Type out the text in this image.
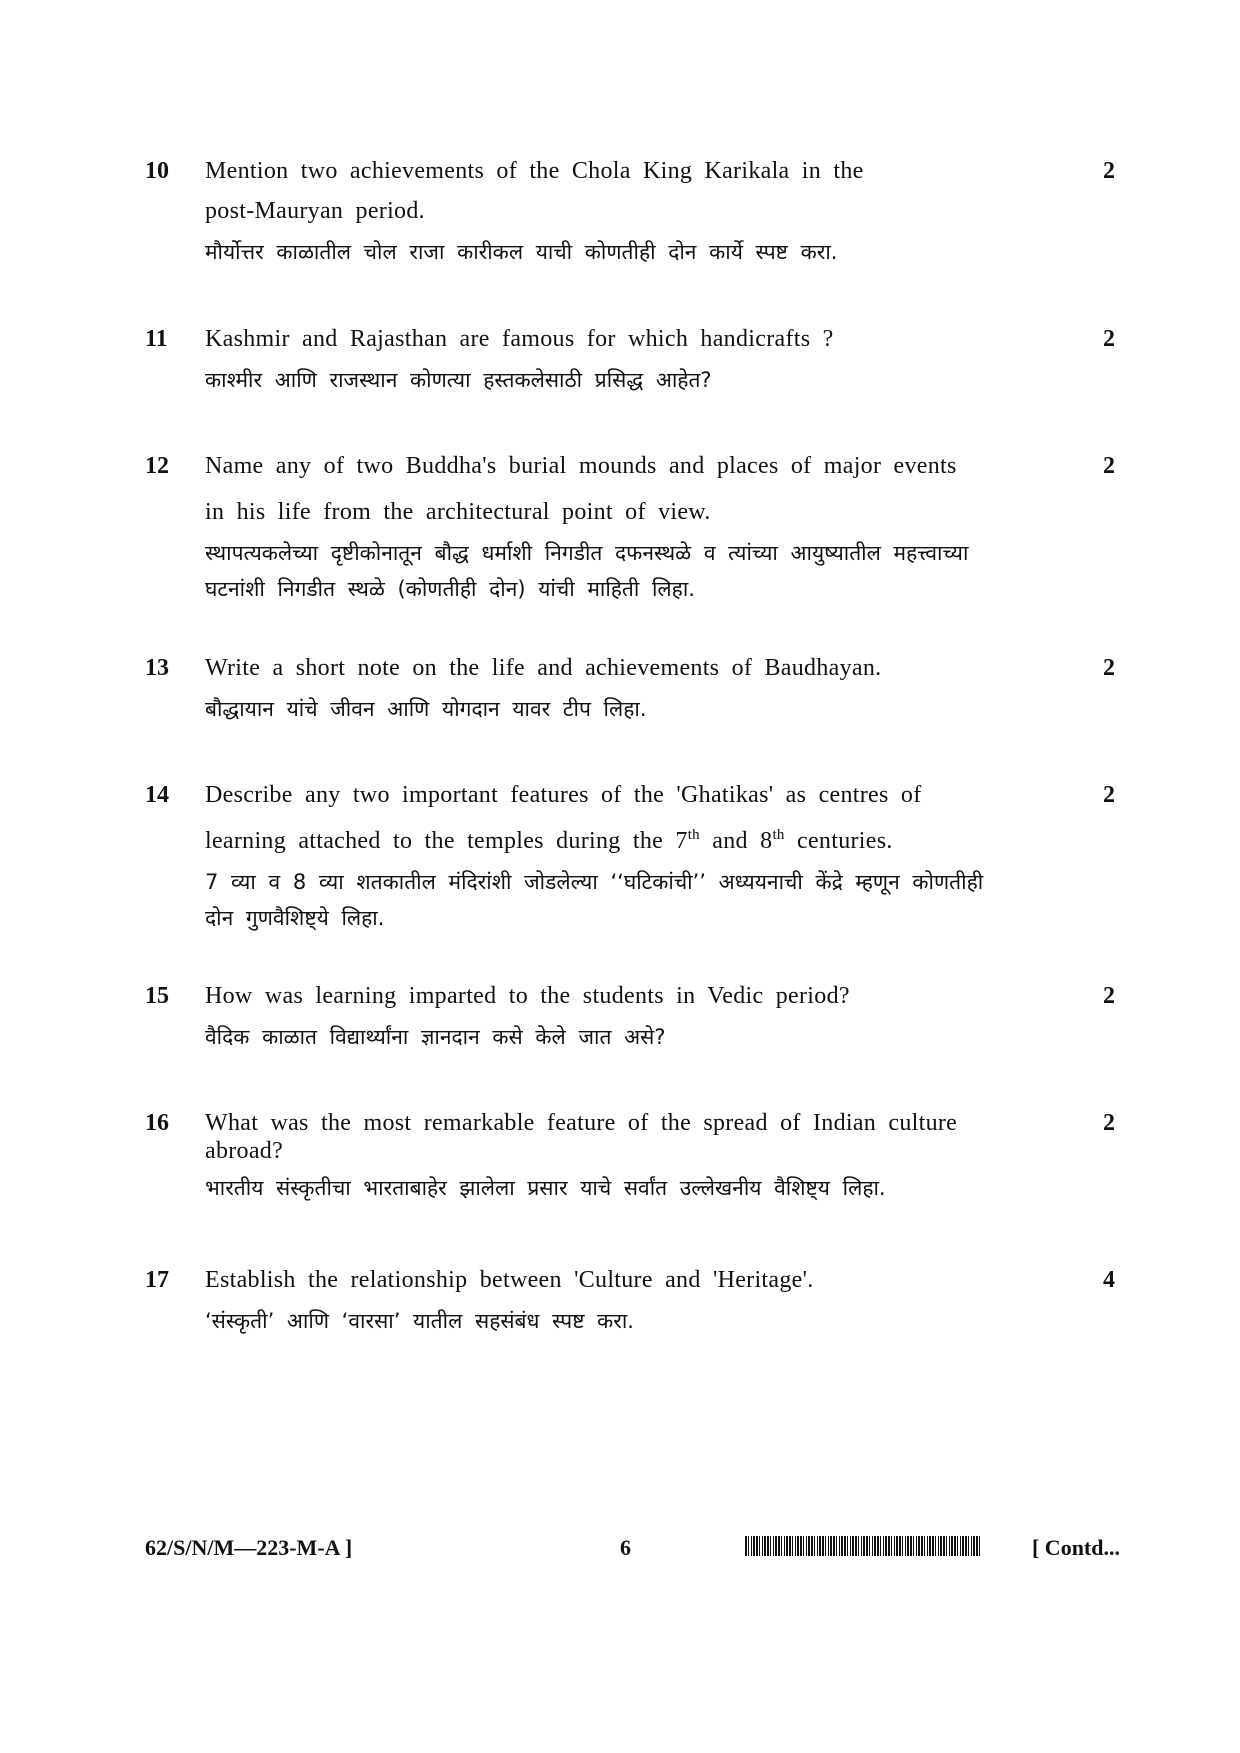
10 Mention two achievements of the Chola King Karikala in the

post-Mauryan period.

मौर्योत्तर काळातील चोल राजा कारीकल याची कोणतीही दोन कार्ये स्पष्ट करा.

2
11 Kashmir and Rajasthan are famous for which handicrafts ?

काश्मीर आणि राजस्थान कोणत्या हस्तकलेसाठी प्रसिद्ध आहेत?

2
12 Name any of two Buddha's burial mounds and places of major events

in his life from the architectural point of view.

स्थापत्यकलेच्या दृष्टीकोनातून बौद्ध धर्माशी निगडीत दफनस्थळे व त्यांच्या आयुष्यातील महत्त्वाच्या

घटनांशी निगडीत स्थळे (कोणतीही दोन) यांची माहिती लिहा.

2
13 Write a short note on the life and achievements of Baudhayan.

बौद्धायान यांचे जीवन आणि योगदान यावर टीप लिहा.

2
14 Describe any two important features of the 'Ghatikas' as centres of

learning attached to the temples during the 7th and 8th centuries.

7 व्या व 8 व्या शतकातील मंदिरांशी जोडलेल्या ‘‘घटिकांची’’ अध्ययनाची केंद्रे म्हणून कोणतीही

दोन गुणवैशिष्ट्ये लिहा.

2
15 How was learning imparted to the students in Vedic period?

वैदिक काळात विद्यार्थ्यांना ज्ञानदान कसे केले जात असे?

2
16 What was the most remarkable feature of the spread of Indian culture

abroad?

भारतीय संस्कृतीचा भारताबाहेर झालेला प्रसार याचे सर्वांत उल्लेखनीय वैशिष्ट्य लिहा.

2
17 Establish the relationship between 'Culture and 'Heritage'.

‘संस्कृती’ आणि ‘वारसा’ यातील सहसंबंध स्पष्ट करा.

4
62/S/N/M—223-M-A ]	6	[ Contd...
